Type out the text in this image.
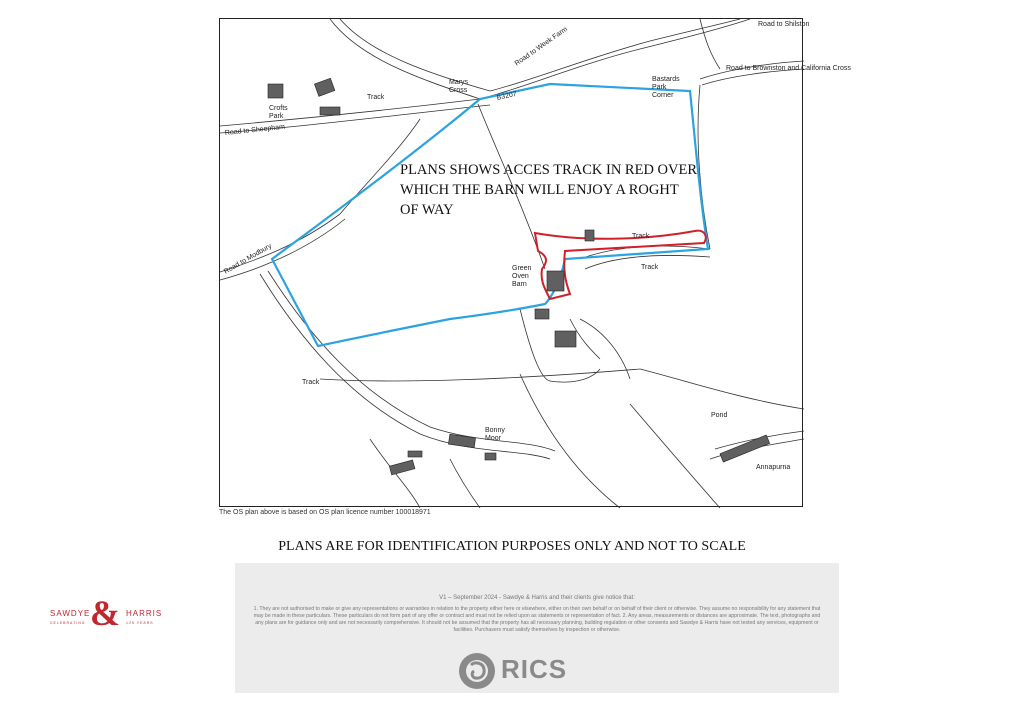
Road to Shilston
Road to Week Farm
Road to Brownston and California Cross
Marys
Cross
B3207
Bastards
Park
Corner
Crofts
Park
Track
Road to Sheepham
Road to Modbury
Track
Track
Green
Oven
Barn
Track
Bonny
Moor
Pond
Annapurna
PLANS SHOWS ACCES TRACK IN RED OVER WHICH THE BARN WILL ENJOY A ROGHT OF WAY
The OS plan above is based on OS plan licence number 100018971
PLANS ARE FOR IDENTIFICATION PURPOSES ONLY AND NOT TO SCALE
SAWDYE & HARRIS
CELEBRATING	125 YEARS
V1 – September 2024 - Sawdye & Harris and their clients give notice that:
1. They are not authorised to make or give any representations or warranties in relation to the property either here or elsewhere, either on their own behalf or on behalf of their client or otherwise. They assume no responsibility for any statement that may be made in these particulars. These particulars do not form part of any offer or contract and must not be relied upon as statements or representation of fact. 2. Any areas, measurements or distances are approximate. The text, photographs and any plans are for guidance only and are not necessarily comprehensive. It should not be assumed that the property has all necessary planning, building regulation or other consents and Sawdye & Harris have not tested any services, equipment or facilities. Purchasers must satisfy themselves by inspection or otherwise.
RICS
